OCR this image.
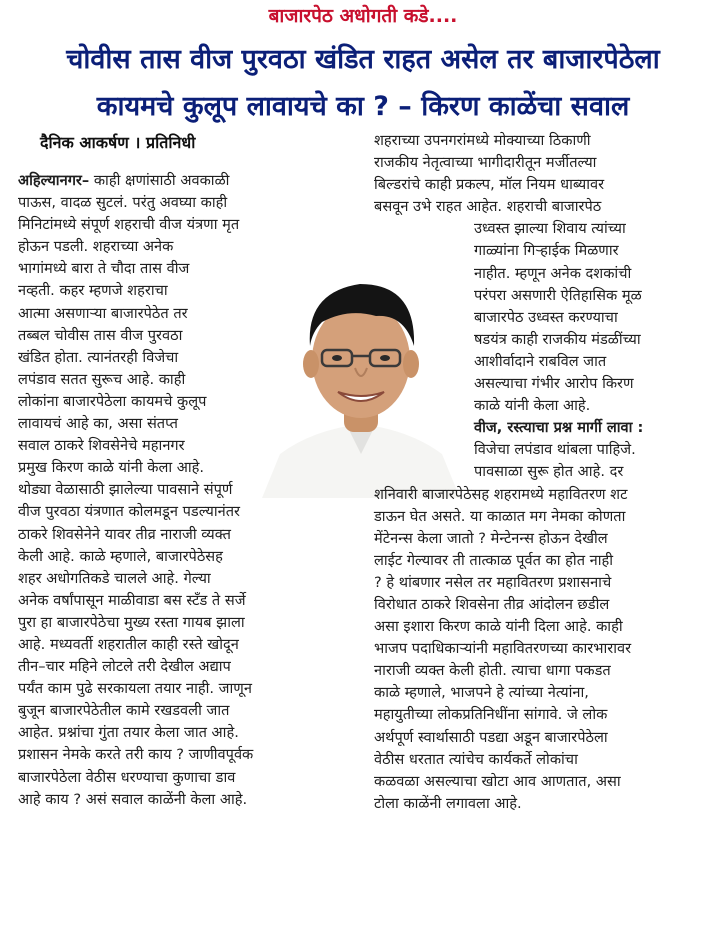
बाजारपेठ अधोगती कडे....
चोवीस तास वीज पुरवठा खंडित राहत असेल तर बाजारपेठेला
कायमचे कुलूप लावायचे का ? – किरण काळेंचा सवाल
दैनिक आकर्षण । प्रतिनिधी

अहिल्यानगर– काही क्षणांसाठी अवकाळी

पाऊस, वादळ सुटलं. परंतु अवघ्या काही

मिनिटांमध्ये संपूर्ण शहराची वीज यंत्रणा मृत

होऊन पडली. शहराच्या अनेक

भागांमध्ये बारा ते चौदा तास वीज

नव्हती. कहर म्हणजे शहराचा

आत्मा असणाऱ्या बाजारपेठेत तर

तब्बल चोवीस तास वीज पुरवठा

खंडित होता. त्यानंतरही विजेचा

लपंडाव सतत सुरूच आहे. काही

लोकांना बाजारपेठेला कायमचे कुलूप

लावायचं आहे का, असा संतप्त

सवाल ठाकरे शिवसेनेचे महानगर

प्रमुख किरण काळे यांनी केला आहे.

थोड्या वेळासाठी झालेल्या पावसाने संपूर्ण

वीज पुरवठा यंत्रणात कोलमडून पडल्यानंतर

ठाकरे शिवसेनेने यावर तीव्र नाराजी व्यक्त

केली आहे. काळे म्हणाले, बाजारपेठेसह

शहर अधोगतिकडे चालले आहे. गेल्या

अनेक वर्षांपासून माळीवाडा बस स्टँड ते सर्जे

पुरा हा बाजारपेठेचा मुख्य रस्ता गायब झाला

आहे. मध्यवर्ती शहरातील काही रस्ते खोदून

तीन–चार महिने लोटले तरी देखील अद्याप

पर्यंत काम पुढे सरकायला तयार नाही. जाणून

बुजून बाजारपेठेतील कामे रखडवली जात

आहेत. प्रश्नांचा गुंता तयार केला जात आहे.

प्रशासन नेमके करते तरी काय ? जाणीवपूर्वक

बाजारपेठेला वेठीस धरण्याचा कुणाचा डाव

आहे काय ? असं सवाल काळेंनी केला आहे.

शहराच्या उपनगरांमध्ये मोक्याच्या ठिकाणी

राजकीय नेतृत्वाच्या भागीदारीतून मर्जीतल्या

बिल्डरांचे काही प्रकल्प, मॉल नियम धाब्यावर

बसवून उभे राहत आहेत. शहराची बाजारपेठ

उध्वस्त झाल्या शिवाय त्यांच्या

गाळ्यांना गिऱ्हाईक मिळणार

नाहीत. म्हणून अनेक दशकांची

परंपरा असणारी ऐतिहासिक मूळ

बाजारपेठ उध्वस्त करण्याचा

षडयंत्र काही राजकीय मंडळींच्या

आशीर्वादाने राबविल जात

असल्याचा गंभीर आरोप किरण

काळे यांनी केला आहे.

वीज, रस्त्याचा प्रश्न मार्गी लावा :

विजेचा लपंडाव थांबला पाहिजे.

पावसाळा सुरू होत आहे. दर

शनिवारी बाजारपेठेसह शहरामध्ये महावितरण शट

डाऊन घेत असते. या काळात मग नेमका कोणता

मेंटेनन्स केला जातो ? मेन्टेनन्स होऊन देखील

लाईट गेल्यावर ती तात्काळ पूर्वत का होत नाही

? हे थांबणार नसेल तर महावितरण प्रशासनाचे

विरोधात ठाकरे शिवसेना तीव्र आंदोलन छडील

असा इशारा किरण काळे यांनी दिला आहे. काही

भाजप पदाधिकाऱ्यांनी महावितरणच्या कारभारावर

नाराजी व्यक्त केली होती. त्याचा धागा पकडत

काळे म्हणाले, भाजपने हे त्यांच्या नेत्यांना,

महायुतीच्या लोकप्रतिनिधींना सांगावे. जे लोक

अर्थपूर्ण स्वार्थासाठी पडद्या अडून बाजारपेठेला

वेठीस धरतात त्यांचेच कार्यकर्ते लोकांचा

कळवळा असल्याचा खोटा आव आणतात, असा

टोला काळेंनी लगावला आहे.
